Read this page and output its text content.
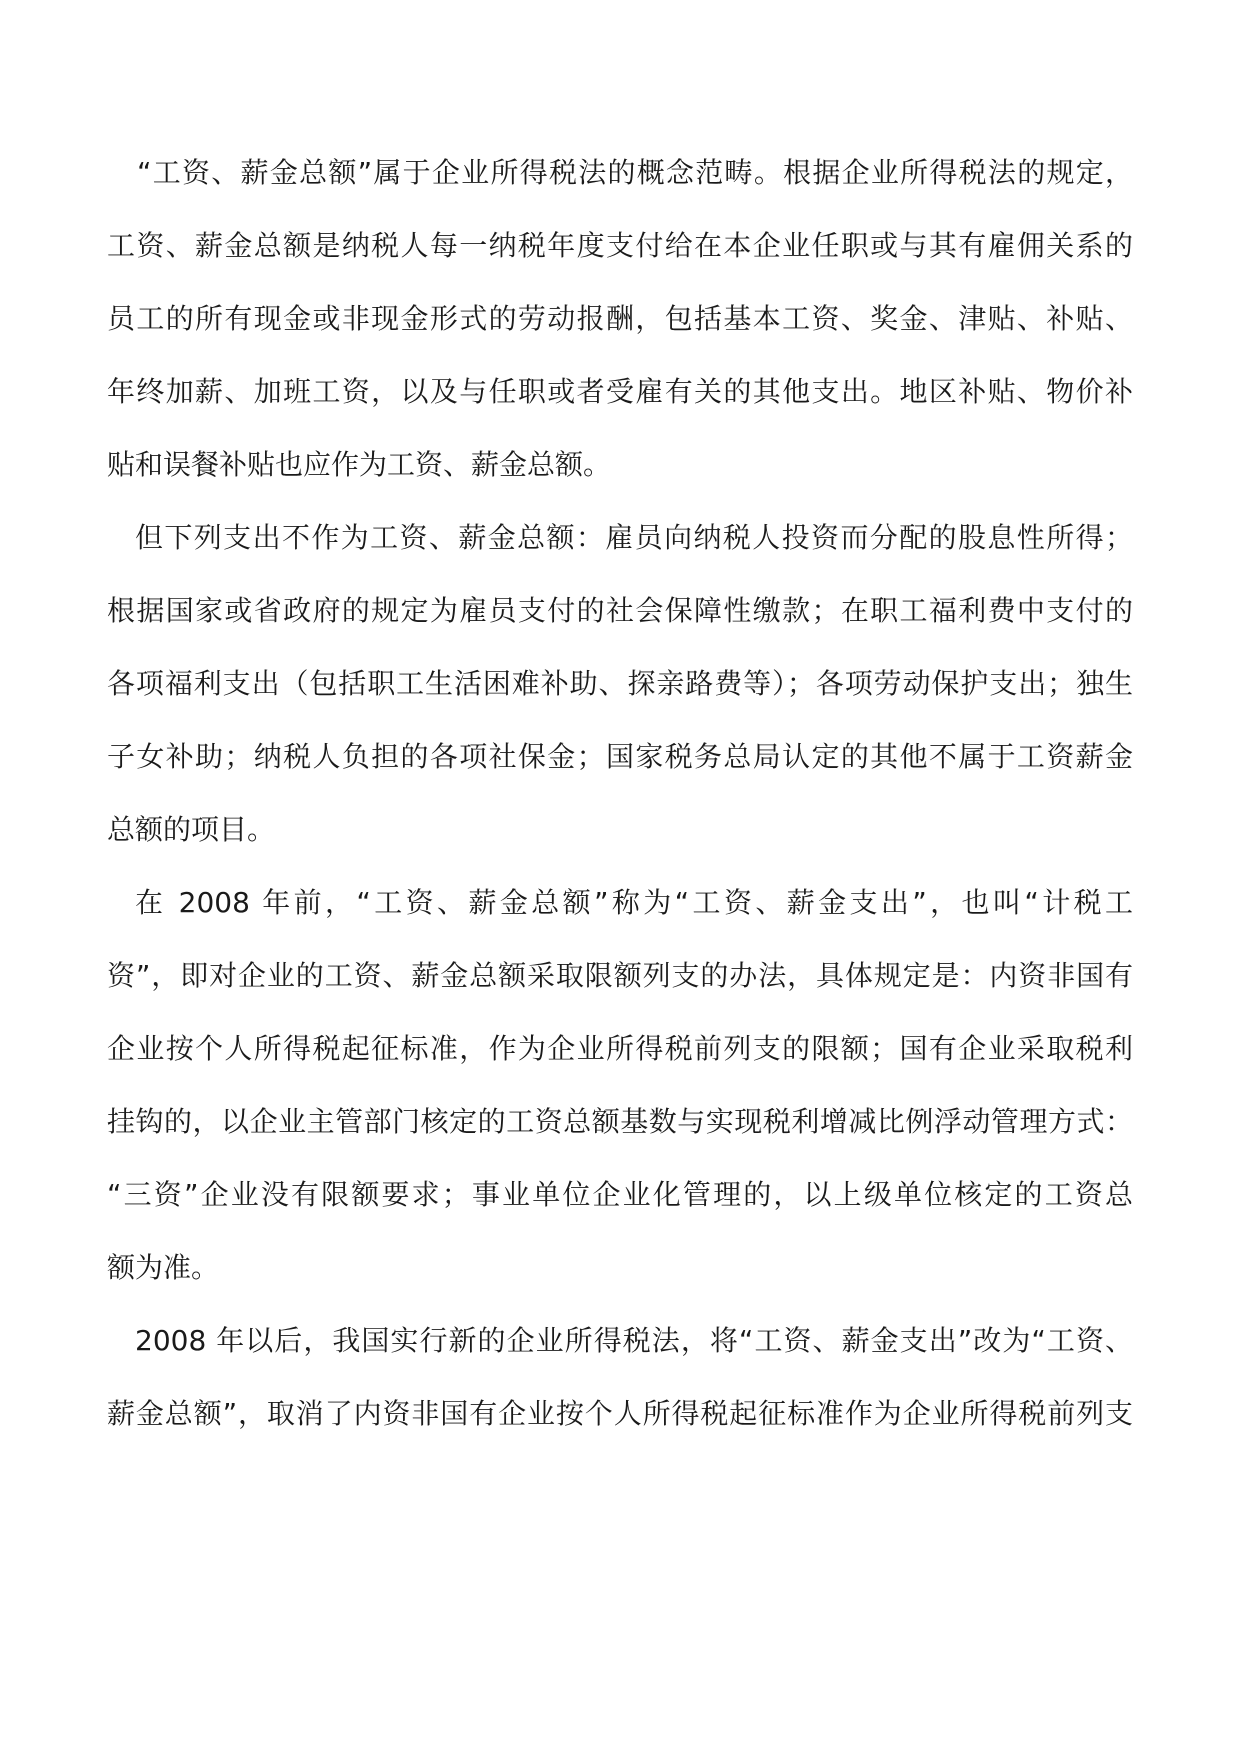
“工资、薪金总额”属于企业所得税法的概念范畴。根据企业所得税法的规定，

工资、薪金总额是纳税人每一纳税年度支付给在本企业任职或与其有雇佣关系的

员工的所有现金或非现金形式的劳动报酬，包括基本工资、奖金、津贴、补贴、

年终加薪、加班工资，以及与任职或者受雇有关的其他支出。地区补贴、物价补

贴和误餐补贴也应作为工资、薪金总额。

但下列支出不作为工资、薪金总额：雇员向纳税人投资而分配的股息性所得；

根据国家或省政府的规定为雇员支付的社会保障性缴款；在职工福利费中支付的

各项福利支出（包括职工生活困难补助、探亲路费等）；各项劳动保护支出；独生

子女补助；纳税人负担的各项社保金；国家税务总局认定的其他不属于工资薪金

总额的项目。

在 2008 年前，“工资、薪金总额”称为“工资、薪金支出”，也叫“计税工

资”，即对企业的工资、薪金总额采取限额列支的办法，具体规定是：内资非国有

企业按个人所得税起征标准，作为企业所得税前列支的限额；国有企业采取税利

挂钩的，以企业主管部门核定的工资总额基数与实现税利增减比例浮动管理方式：

“三资”企业没有限额要求；事业单位企业化管理的，以上级单位核定的工资总

额为准。

2008 年以后，我国实行新的企业所得税法，将“工资、薪金支出”改为“工资、

薪金总额”，取消了内资非国有企业按个人所得税起征标准作为企业所得税前列支
